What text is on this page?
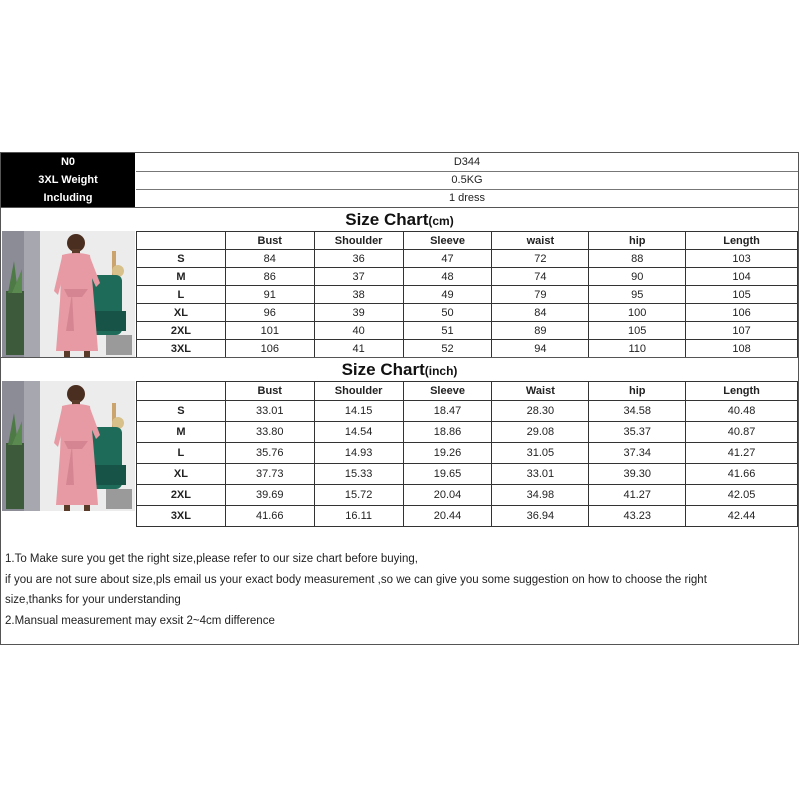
N0	D344
3XL Weight	0.5KG
Including	1 dress
Size Chart(cm)
	Bust	Shoulder	Sleeve	waist	hip	Length
S	84	36	47	72	88	103
M	86	37	48	74	90	104
L	91	38	49	79	95	105
XL	96	39	50	84	100	106
2XL	101	40	51	89	105	107
3XL	106	41	52	94	110	108
Size Chart(inch)
	Bust	Shoulder	Sleeve	Waist	hip	Length
S	33.01	14.15	18.47	28.30	34.58	40.48
M	33.80	14.54	18.86	29.08	35.37	40.87
L	35.76	14.93	19.26	31.05	37.34	41.27
XL	37.73	15.33	19.65	33.01	39.30	41.66
2XL	39.69	15.72	20.04	34.98	41.27	42.05
3XL	41.66	16.11	20.44	36.94	43.23	42.44

1.To Make sure you get the right size,please refer to our size chart before buying,

if you are not sure about size,pls email us your exact body measurement ,so we can give you some suggestion on how to choose the right

size,thanks for your understanding

2.Mansual measurement may exsit 2~4cm difference
